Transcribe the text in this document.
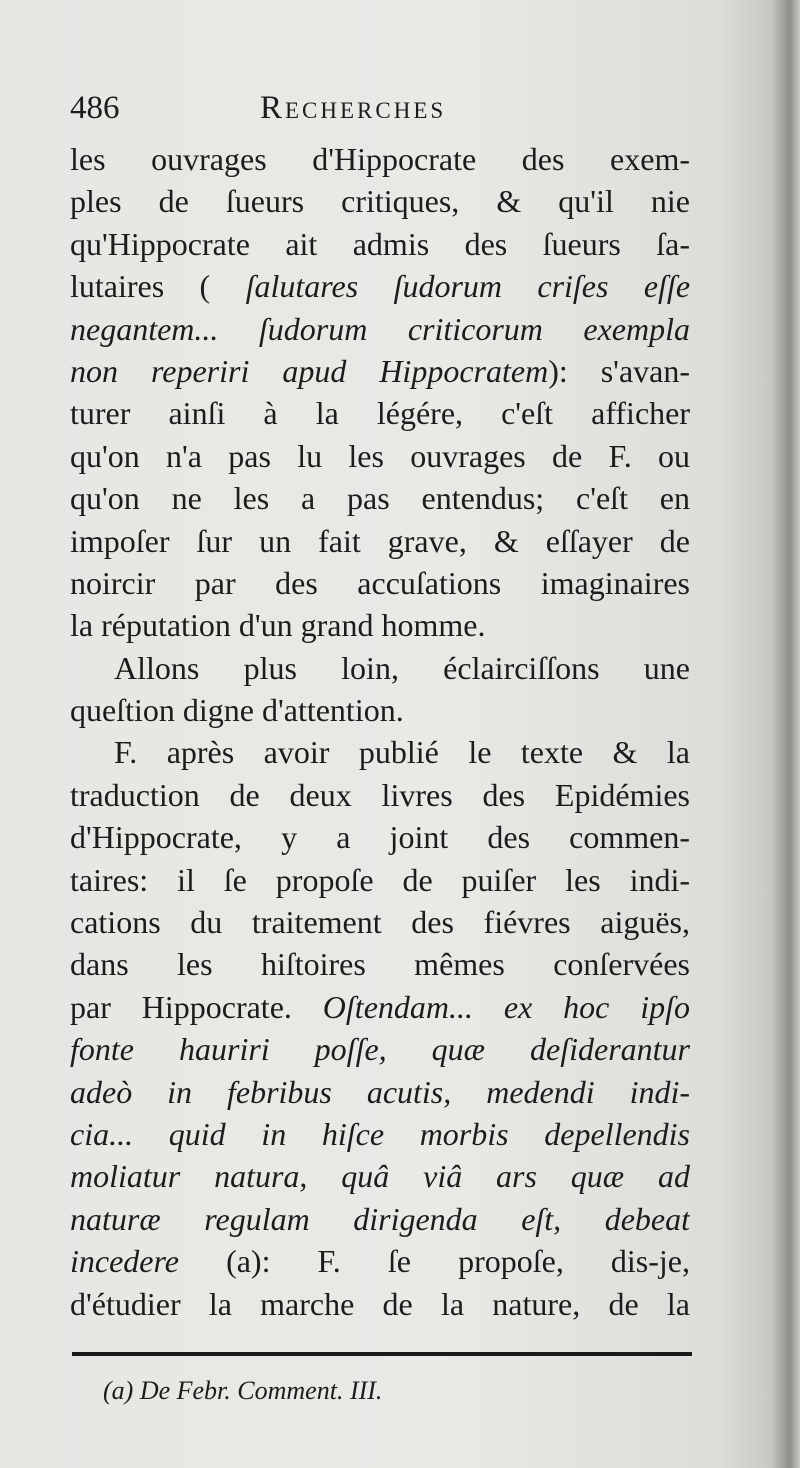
486	Recherches
les ouvrages d'Hippocrate des exem-
ples de ſueurs critiques, & qu'il nie
qu'Hippocrate ait admis des ſueurs ſa-
lutaires ( ſalutares ſudorum criſes eſſe
negantem... ſudorum criticorum exempla
non reperiri apud Hippocratem): s'avan-
turer ainſi à la légére, c'eſt afficher
qu'on n'a pas lu les ouvrages de F. ou
qu'on ne les a pas entendus; c'eſt en
impoſer ſur un fait grave, & eſſayer de
noircir par des accuſations imaginaires
la réputation d'un grand homme.
Allons plus loin, éclairciſſons une
queſtion digne d'attention.
F. après avoir publié le texte & la
traduction de deux livres des Epidémies
d'Hippocrate, y a joint des commen-
taires: il ſe propoſe de puiſer les indi-
cations du traitement des fiévres aiguës,
dans les hiſtoires mêmes conſervées
par Hippocrate. Oſtendam... ex hoc ipſo
fonte hauriri poſſe, quæ deſiderantur
adeò in febribus acutis, medendi indi-
cia... quid in hiſce morbis depellendis
moliatur natura, quâ viâ ars quæ ad
naturæ regulam dirigenda eſt, debeat
incedere (a): F. ſe propoſe, dis-je,
d'étudier la marche de la nature, de la
(a) De Febr. Comment. III.
